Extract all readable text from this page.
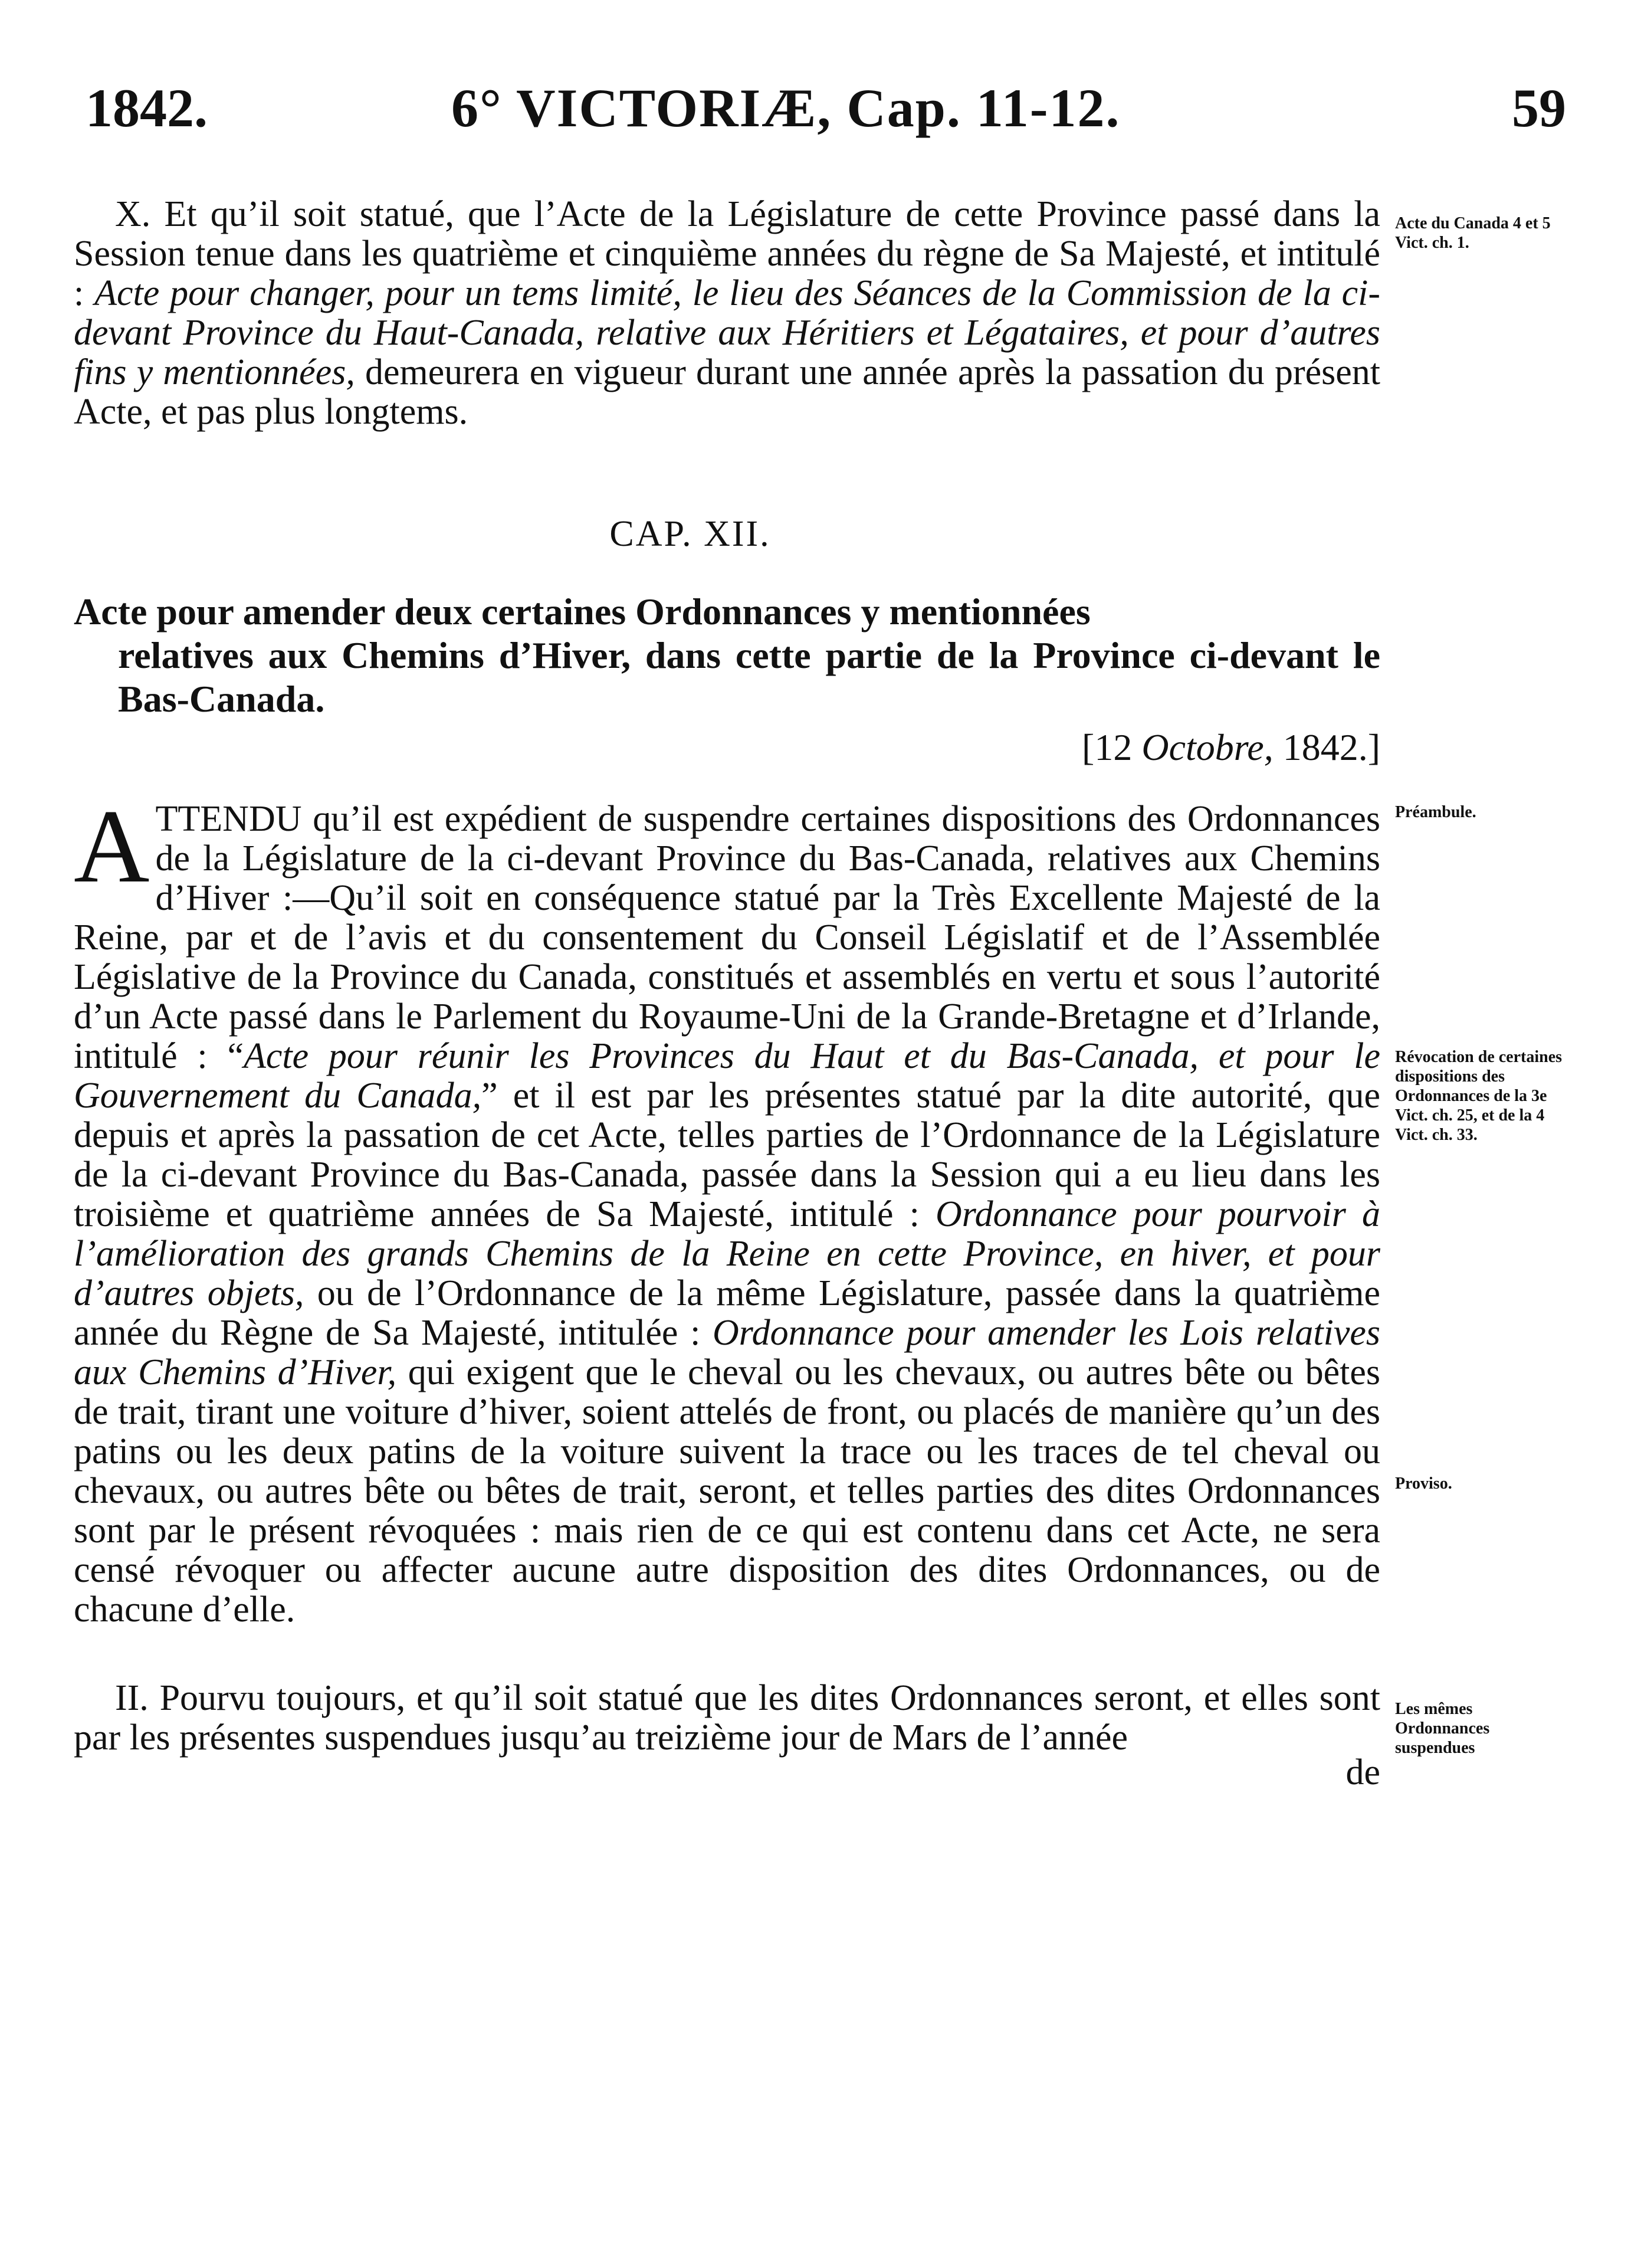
1842.	6° VICTORIÆ, Cap. 11-12.	59

X. Et qu’il soit statué, que l’Acte de la Législature de cette Province passé dans la Session tenue dans les quatrième et cinquième années du règne de Sa Majesté, et intitulé : Acte pour changer, pour un tems limité, le lieu des Séances de la Commission de la ci-devant Province du Haut-Canada, relative aux Héritiers et Légataires, et pour d’autres fins y mentionnées, demeurera en vigueur durant une année après la passation du présent Acte, et pas plus longtems.

Acte du Canada 4 et 5 Vict. ch. 1.
CAP. XII.
Acte pour amender deux certaines Ordonnances y mentionnées
relatives aux Chemins d’Hiver, dans cette partie de la Province ci-devant le Bas-Canada.
[12 Octobre, 1842.]

ATTENDU qu’il est expédient de suspendre certaines dispositions des Ordonnances de la Législature de la ci-devant Province du Bas-Canada, relatives aux Chemins d’Hiver :—Qu’il soit en conséquence statué par la Très Excellente Majesté de la Reine, par et de l’avis et du consentement du Conseil Législatif et de l’Assemblée Législative de la Province du Canada, constitués et assemblés en vertu et sous l’autorité d’un Acte passé dans le Parlement du Royaume-Uni de la Grande-Bretagne et d’Irlande, intitulé : “Acte pour réunir les Provinces du Haut et du Bas-Canada, et pour le Gouvernement du Canada,” et il est par les présentes statué par la dite autorité, que depuis et après la passation de cet Acte, telles parties de l’Ordonnance de la Législature de la ci-devant Province du Bas-Canada, passée dans la Session qui a eu lieu dans les troisième et quatrième années de Sa Majesté, intitulé : Ordonnance pour pourvoir à l’amélioration des grands Chemins de la Reine en cette Province, en hiver, et pour d’autres objets, ou de l’Ordonnance de la même Législature, passée dans la quatrième année du Règne de Sa Majesté, intitulée : Ordonnance pour amender les Lois relatives aux Chemins d’Hiver, qui exigent que le cheval ou les chevaux, ou autres bête ou bêtes de trait, tirant une voiture d’hiver, soient attelés de front, ou placés de manière qu’un des patins ou les deux patins de la voiture suivent la trace ou les traces de tel cheval ou chevaux, ou autres bête ou bêtes de trait, seront, et telles parties des dites Ordonnances sont par le présent révoquées : mais rien de ce qui est contenu dans cet Acte, ne sera censé révoquer ou affecter aucune autre disposition des dites Ordonnances, ou de chacune d’elle.

Préambule.
Révocation de certaines dispositions des Ordonnances de la 3e Vict. ch. 25, et de la 4 Vict. ch. 33.
Proviso.

II. Pourvu toujours, et qu’il soit statué que les dites Ordonnances seront, et elles sont par les présentes suspendues jusqu’au treizième jour de Mars de l’année

de
Les mêmes Ordonnances suspendues
